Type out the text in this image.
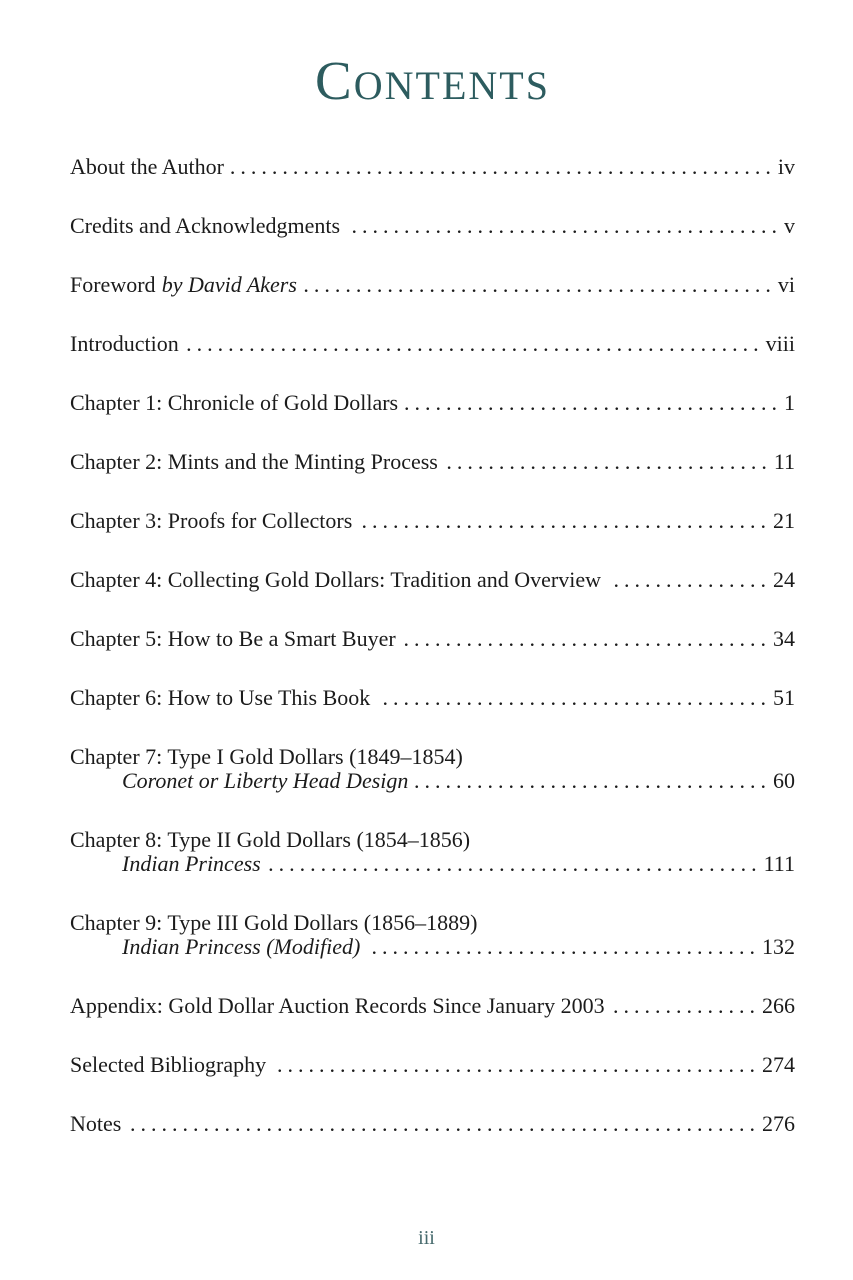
CONTENTS
About the Author .....	iv
Credits and Acknowledgments .....	v
Foreword by David Akers .....	vi
Introduction .....	viii
Chapter 1: Chronicle of Gold Dollars .....	1
Chapter 2: Mints and the Minting Process .....	11
Chapter 3: Proofs for Collectors .....	21
Chapter 4: Collecting Gold Dollars: Tradition and Overview .....	24
Chapter 5: How to Be a Smart Buyer .....	34
Chapter 6: How to Use This Book .....	51
Chapter 7: Type I Gold Dollars (1849–1854)
Coronet or Liberty Head Design .....	60
Chapter 8: Type II Gold Dollars (1854–1856)
Indian Princess .....	111
Chapter 9: Type III Gold Dollars (1856–1889)
Indian Princess (Modified) .....	132
Appendix: Gold Dollar Auction Records Since January 2003 .....	266
Selected Bibliography .....	274
Notes .....	276
iii
